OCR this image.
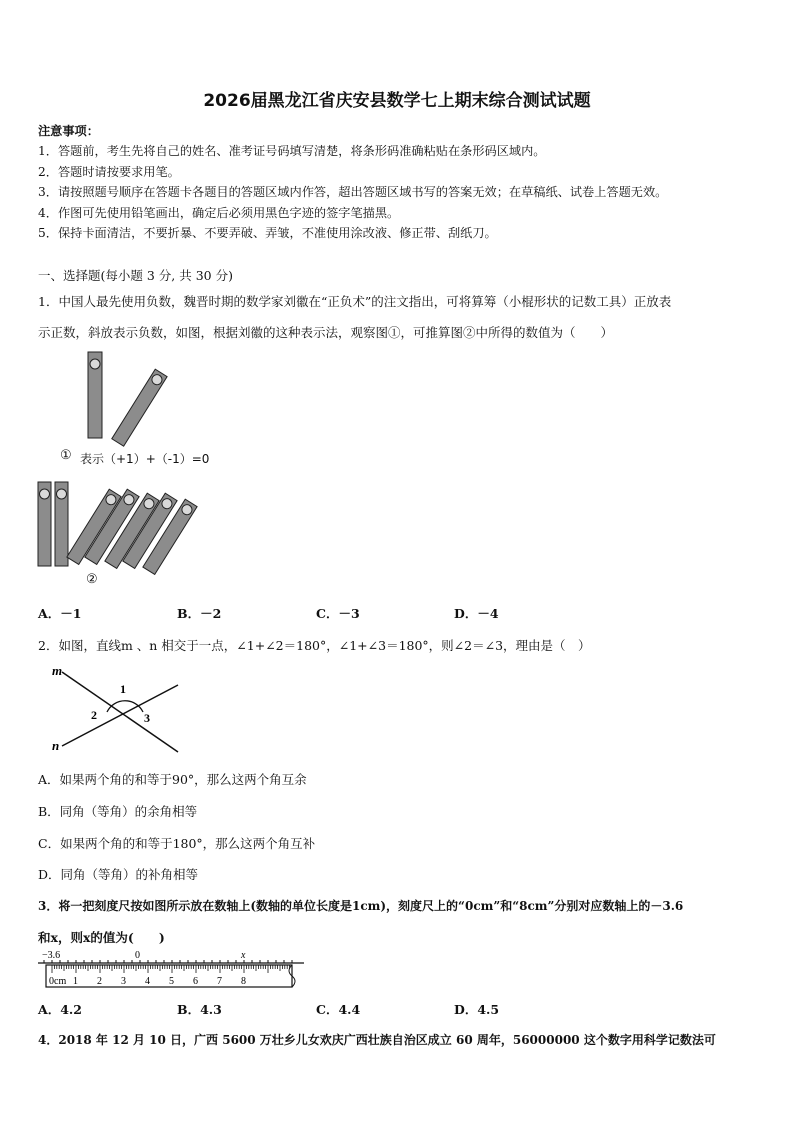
2026届黑龙江省庆安县数学七上期末综合测试试题
注意事项：
1．答题前，考生先将自己的姓名、准考证号码填写清楚，将条形码准确粘贴在条形码区域内。
2．答题时请按要求用笔。
3．请按照题号顺序在答题卡各题目的答题区域内作答，超出答题区域书写的答案无效；在草稿纸、试卷上答题无效。
4．作图可先使用铅笔画出，确定后必须用黑色字迹的签字笔描黑。
5．保持卡面清洁，不要折暴、不要弄破、弄皱，不准使用涂改液、修正带、刮纸刀。
一、选择题(每小题 3 分, 共 30 分)
1．中国人最先使用负数，魏晋时期的数学家刘徽在“正负术”的注文指出，可将算筹（小棍形状的记数工具）正放表
示正数，斜放表示负数，如图，根据刘徽的这种表示法，观察图①，可推算图②中所得的数值为（　　）
① 表示（+1）+（-1）=0
②
A．－1	B．－2	C．－3	D．－4
2．如图，直线m 、n 相交于一点，∠1+∠2＝180°，∠1+∠3＝180°，则∠2＝∠3，理由是（　）
m
n
1
2	3
A．如果两个角的和等于90°，那么这两个角互余
B．同角（等角）的余角相等
C．如果两个角的和等于180°，那么这两个角互补
D．同角（等角）的补角相等
3．将一把刻度尺按如图所示放在数轴上(数轴的单位长度是1cm)，刻度尺上的“0cm”和“8cm”分别对应数轴上的－3.6
和x，则x的值为(　　)
−3.6	0	x
0cm 1 2 3 4 5 6 7 8
A．4.2	B．4.3	C．4.4	D．4.5
4．2018 年 12 月 10 日，广西 5600 万壮乡儿女欢庆广西壮族自治区成立 60 周年，56000000 这个数字用科学记数法可
